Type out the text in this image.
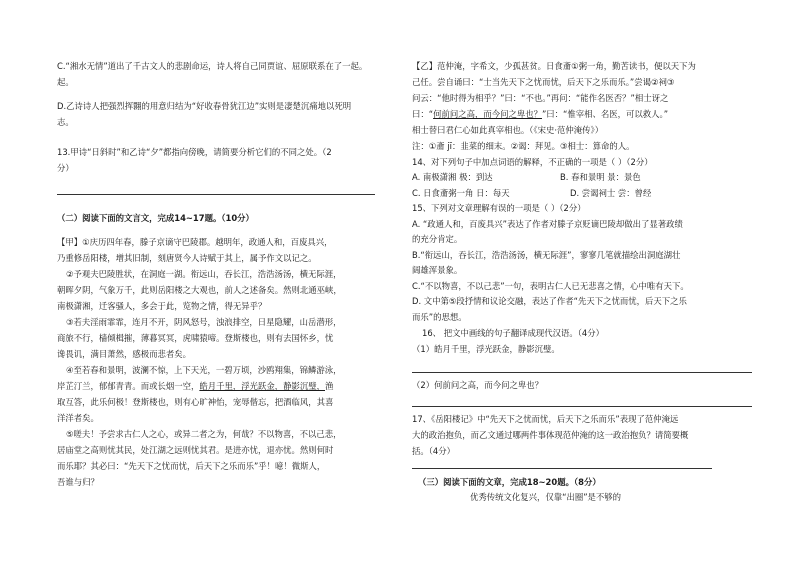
C.“湘水无情”道出了千古文人的悲剧命运，诗人将自己同贾谊、屈原联系在了一起。
起。
D.乙诗诗人把强烈挥翾的用意归结为“好收春骨犹江边”实则是凄楚沉痛地以死明
志。
13.甲诗“日斜时”和乙诗“夕”都指向傍晚，请简要分析它们的不同之处。（2
分）
（二）阅读下面的文言文，完成14~17题。（10分）
【甲】①庆历四年春，滕子京谪守巴陵郡。越明年，政通人和，百废具兴，
乃重修岳阳楼，增其旧制，刻唐贤今人诗赋于其上，属予作文以记之。
②予观夫巴陵胜状，在洞庭一湖。衔远山，吞长江，浩浩汤汤，横无际涯，
朝晖夕阴，气象万千，此则岳阳楼之大观也，前人之述备矣。然则北通巫峡，
南极潇湘，迁客骚人，多会于此，览物之情，得无异乎？
③若夫淫雨霏霏，连月不开，阴风怒号，浊浪排空，日星隐耀，山岳潜形，
商旅不行，樯倾楫摧，薄暮冥冥，虎啸猿啼。登斯楼也，则有去国怀乡，忧
谗畏讥，满目萧然，感极而悲者矣。
④至若春和景明，波澜不惊，上下天光，一碧万顷，沙鸥翔集，锦鳞游泳，
岸芷汀兰，郁郁青青。而或长烟一空，皓月千里，浮光跃金，静影沉璧，渔
取互答，此乐何极！登斯楼也，则有心旷神怡，宠辱偕忘，把酒临风，其喜
洋洋者矣。
⑤嗟夫！予尝求古仁人之心，或异二者之为，何哉？不以物喜，不以己悲，
居庙堂之高则忧其民，处江湖之远则忧其君。是进亦忧，退亦忧。然则何时
而乐耶？其必曰：“先天下之忧而忧，后天下之乐而乐”乎！噫！微斯人，
吾谁与归？
【乙】范仲淹，字希文，少孤甚贫。日食齑①粥一角，勤苦读书，便以天下为
己任。尝自诵曰：“士当先天下之忧而忧，后天下之乐而乐。”尝谒②祠③
问云：“他时得为相乎？”曰：“不也。”再问：“能作名医否？”相士讶之
曰：“何前问之高，而今问之卑也？”曰：“惟宰相、名医，可以救人。”
相士替曰君仁心如此真宰相也。（《宋史·范仲淹传》）
注：①齑 jī：韭菜的细末。②谒：拜见。③相士：算命的人。
14、对下列句子中加点词语的解释，不正确的一项是（ ）（2分）
A. 南极潇湘 极：到达	B. 春和景明 景：景色
C. 日食齑粥一角 日：每天	D. 尝谒祠士 尝：曾经
15、下列对文章理解有误的一项是（ ）（2分）
A. “政通人和，百废具兴”表达了作者对滕子京贬谪巴陵却做出了显著政绩
的充分肯定。
B.“衔远山，吞长江，浩浩汤汤，横无际涯”，寥寥几笔就描绘出洞庭湖壮
阔雄浑景象。
C.“不以物喜，不以己悲”一句，表明古仁人已无悲喜之情，心中唯有天下。
D. 文中第⑤段抒情和议论交融，表达了作者“先天下之忧而忧，后天下之乐
而乐”的思想。
16、 把文中画线的句子翻译成现代汉语。（4分）
（1）皓月千里，浮光跃金，静影沉璧。
（2）何前问之高，而今问之卑也？
17、《岳阳楼记》中“先天下之忧而忧，后天下之乐而乐”表现了范仲淹远
大的政治抱负，而乙文通过哪两件事体现范仲淹的这一政治抱负？请简要概
括。（4分）
（三）阅读下面的文章，完成18~20题。（8分）
优秀传统文化复兴，仅靠“出圈”是不够的
